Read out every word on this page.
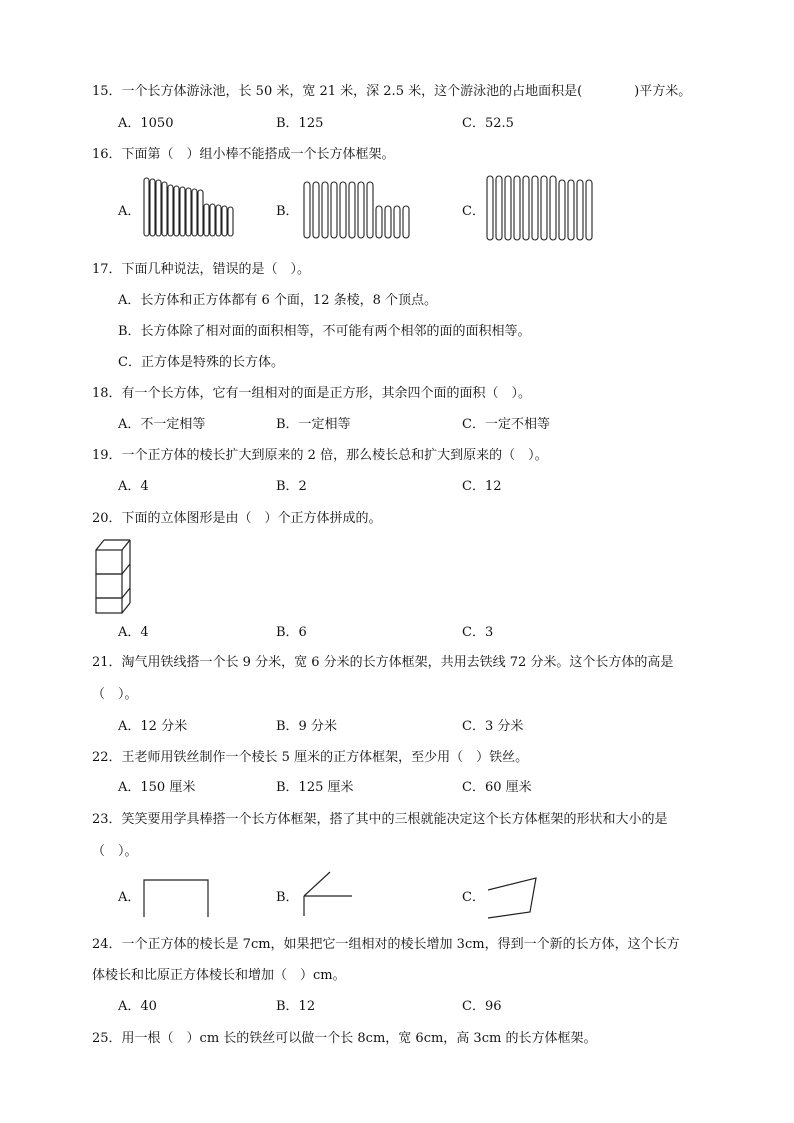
15．一个长方体游泳池，长 50 米，宽 21 米，深 2.5 米，这个游泳池的占地面积是(　　　　)平方米。
A．1050	B．125	C．52.5
16．下面第（　）组小棒不能搭成一个长方体框架。
A．	B．	C．
17．下面几种说法，错误的是（　）。
A．长方体和正方体都有 6 个面，12 条棱，8 个顶点。
B．长方体除了相对面的面积相等，不可能有两个相邻的面的面积相等。
C．正方体是特殊的长方体。
18．有一个长方体，它有一组相对的面是正方形，其余四个面的面积（　）。
A．不一定相等	B．一定相等	C．一定不相等
19．一个正方体的棱长扩大到原来的 2 倍，那么棱长总和扩大到原来的（　）。
A．4	B．2	C．12
20．下面的立体图形是由（　）个正方体拼成的。
A．4	B．6	C．3
21．淘气用铁线搭一个长 9 分米，宽 6 分米的长方体框架，共用去铁线 72 分米。这个长方体的高是
（　）。
A．12 分米	B．9 分米	C．3 分米
22．王老师用铁丝制作一个棱长 5 厘米的正方体框架，至少用（　）铁丝。
A．150 厘米	B．125 厘米	C．60 厘米
23．笑笑要用学具棒搭一个长方体框架，搭了其中的三根就能决定这个长方体框架的形状和大小的是
（　）。
A．	B．	C．
24．一个正方体的棱长是 7cm，如果把它一组相对的棱长增加 3cm，得到一个新的长方体，这个长方
体棱长和比原正方体棱长和增加（　）cm。
A．40	B．12	C．96
25．用一根（　）cm 长的铁丝可以做一个长 8cm，宽 6cm，高 3cm 的长方体框架。
